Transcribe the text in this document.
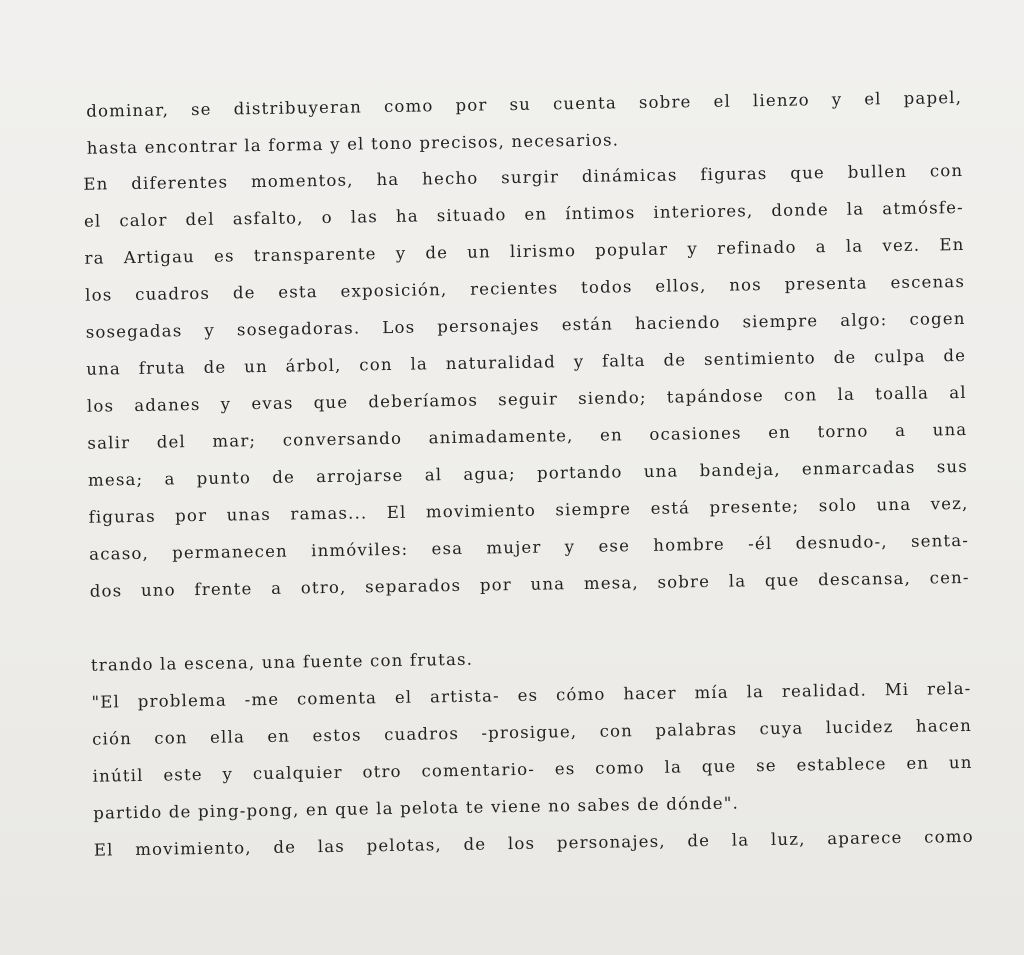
dominar, se distribuyeran como por su cuenta sobre el lienzo y el papel,
hasta encontrar la forma y el tono precisos, necesarios.
En diferentes momentos, ha hecho surgir dinámicas figuras que bullen con
el calor del asfalto, o las ha situado en íntimos interiores, donde la atmósfe-
ra Artigau es transparente y de un lirismo popular y refinado a la vez. En
los cuadros de esta exposición, recientes todos ellos, nos presenta escenas
sosegadas y sosegadoras. Los personajes están haciendo siempre algo: cogen
una fruta de un árbol, con la naturalidad y falta de sentimiento de culpa de
los adanes y evas que deberíamos seguir siendo; tapándose con la toalla al
salir del mar; conversando animadamente, en ocasiones en torno a una
mesa; a punto de arrojarse al agua; portando una bandeja, enmarcadas sus
figuras por unas ramas... El movimiento siempre está presente; solo una vez,
acaso, permanecen inmóviles: esa mujer y ese hombre -él desnudo-, senta-
dos uno frente a otro, separados por una mesa, sobre la que descansa, cen-
trando la escena, una fuente con frutas.
"El problema -me comenta el artista- es cómo hacer mía la realidad. Mi rela-
ción con ella en estos cuadros -prosigue, con palabras cuya lucidez hacen
inútil este y cualquier otro comentario- es como la que se establece en un
partido de ping-pong, en que la pelota te viene no sabes de dónde".
El movimiento, de las pelotas, de los personajes, de la luz, aparece como
